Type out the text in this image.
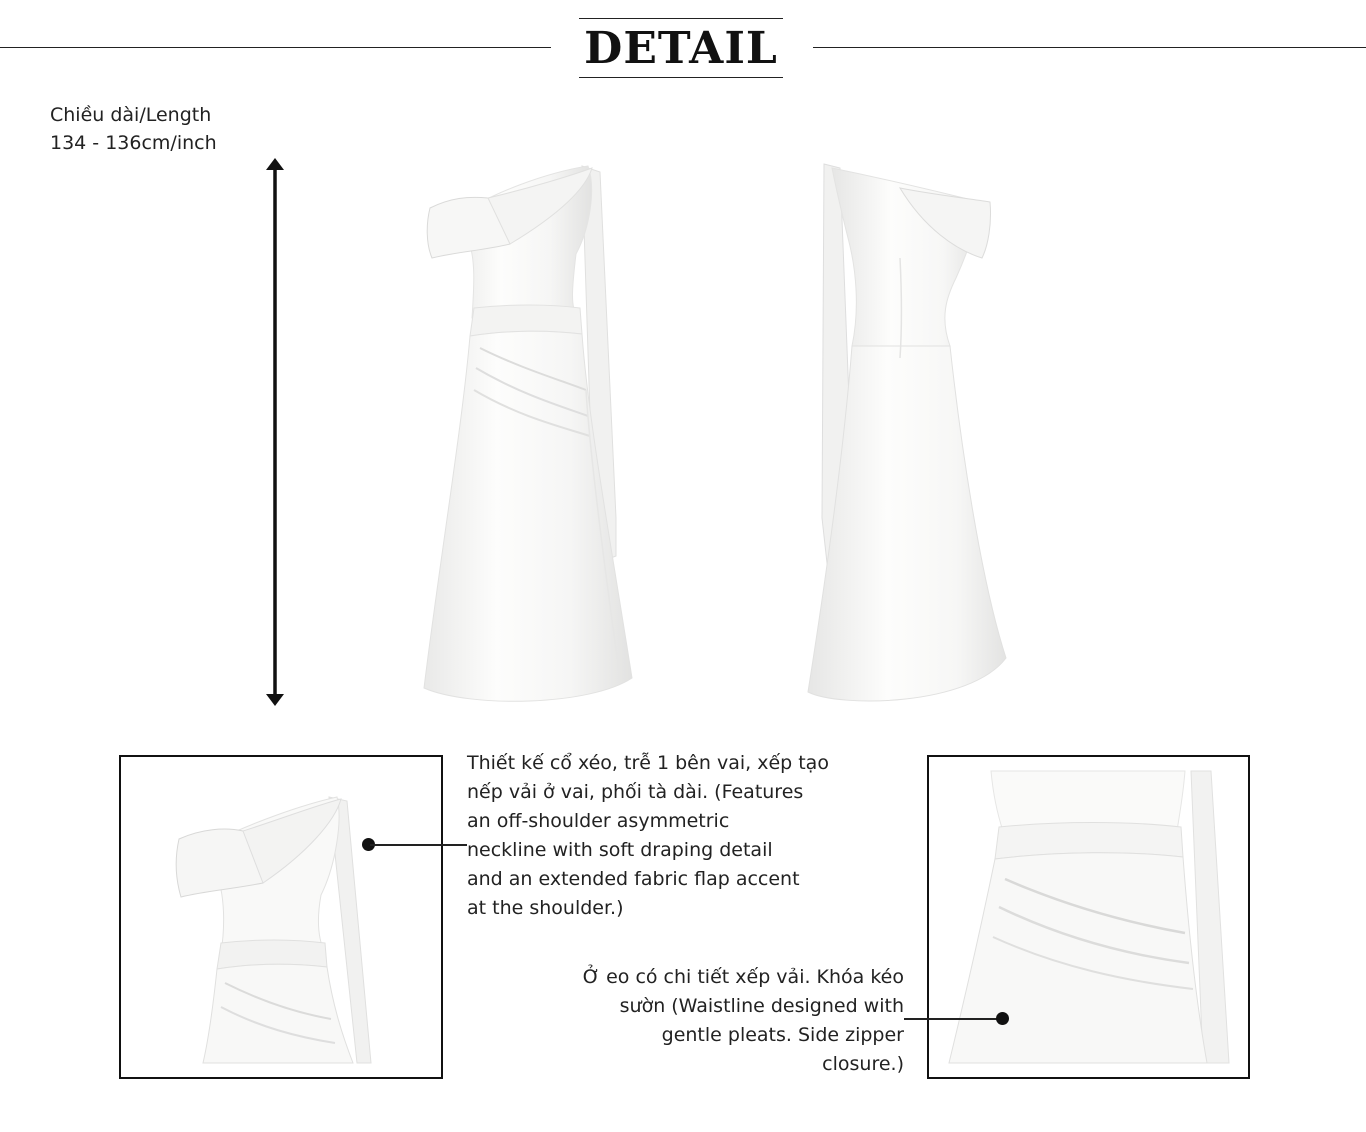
DETAIL
Chiều dài/Length
134 - 136cm/inch
Thiết kế cổ xéo, trễ 1 bên vai, xếp tạo
nếp vải ở vai, phối tà dài. (Features
an off-shoulder asymmetric
neckline with soft draping detail
and an extended fabric flap accent
at the shoulder.)
Ở eo có chi tiết xếp vải. Khóa kéo
sườn (Waistline designed with
gentle pleats. Side zipper
closure.)
